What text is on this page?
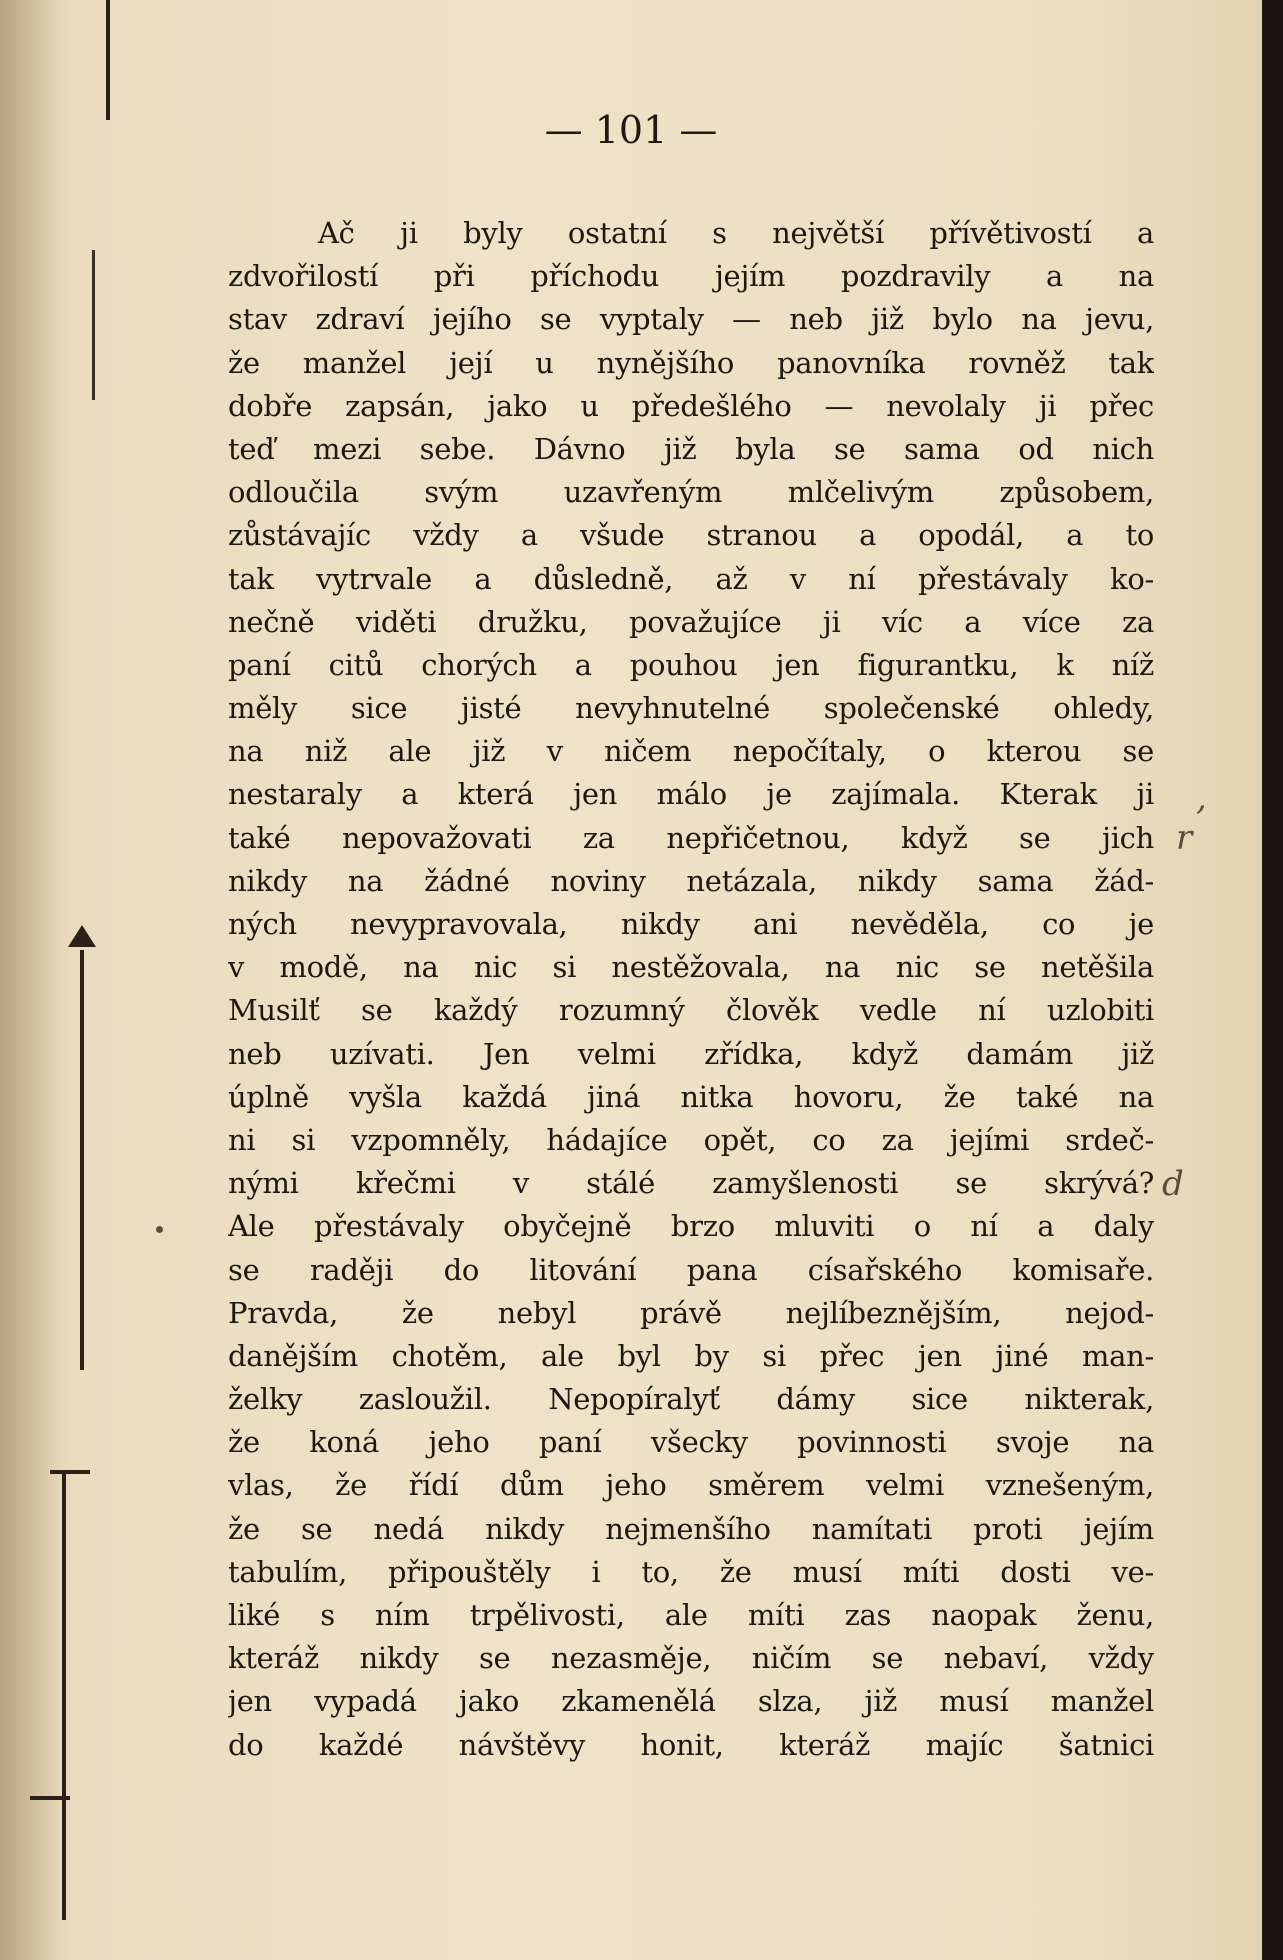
— 101 —
Ač ji byly ostatní s největší přívětivostí a
zdvořilostí při příchodu jejím pozdravily a na
stav zdraví jejího se vyptaly — neb již bylo na jevu,
že manžel její u nynějšího panovníka rovněž tak
dobře zapsán, jako u předešlého — nevolaly ji přec
teď mezi sebe. Dávno již byla se sama od nich
odloučila svým uzavřeným mlčelivým způsobem,
zůstávajíc vždy a všude stranou a opodál, a to
tak vytrvale a důsledně, až v ní přestávaly ko-
nečně viděti družku, považujíce ji víc a více za
paní citů chorých a pouhou jen figurantku, k níž
měly sice jisté nevyhnutelné společenské ohledy,
na niž ale již v ničem nepočítaly, o kterou se
nestaraly a která jen málo je zajímala. Kterak ji
také nepovažovati za nepřičetnou, když se jich
nikdy na žádné noviny netázala, nikdy sama žád-
ných nevypravovala, nikdy ani nevěděla, co je
v modě, na nic si nestěžovala, na nic se netěšila
Musilť se každý rozumný člověk vedle ní uzlobiti
neb uzívati. Jen velmi zřídka, když damám již
úplně vyšla každá jiná nitka hovoru, že také na
ni si vzpomněly, hádajíce opět, co za jejími srdeč-
nými křečmi v stálé zamyšlenosti se skrývá?
Ale přestávaly obyčejně brzo mluviti o ní a daly
se raději do litování pana císařského komisaře.
Pravda, že nebyl právě nejlíbeznějším, nejod-
danějším chotěm, ale byl by si přec jen jiné man-
želky zasloužil. Nepopíralyť dámy sice nikterak,
že koná jeho paní všecky povinnosti svoje na
vlas, že řídí dům jeho směrem velmi vznešeným,
že se nedá nikdy nejmenšího namítati proti jejím
tabulím, připouštěly i to, že musí míti dosti ve-
liké s ním trpělivosti, ale míti zas naopak ženu,
kteráž nikdy se nezasměje, ničím se nebaví, vždy
jen vypadá jako zkamenělá slza, již musí manžel
do každé návštěvy honit, kteráž majíc šatnici
,
r
d
